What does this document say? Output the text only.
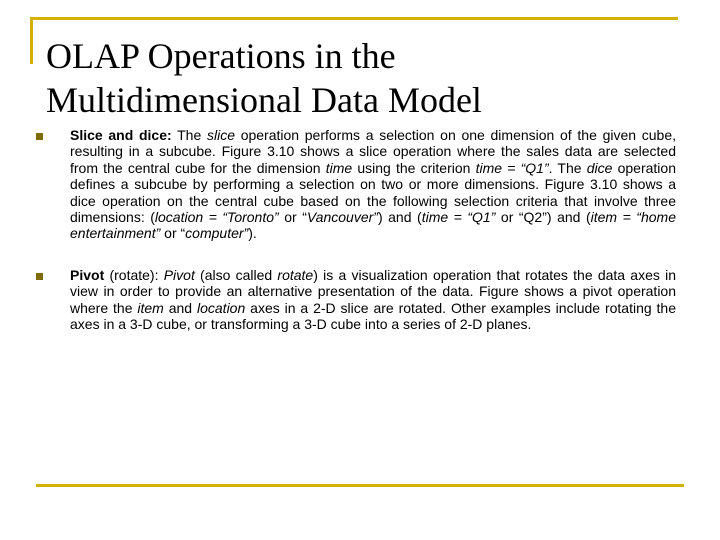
OLAP Operations in the
Multidimensional Data Model
Slice and dice: The slice operation performs a selection on one dimension of the given cube, resulting in a subcube. Figure 3.10 shows a slice operation where the sales data are selected from the central cube for the dimension time using the criterion time = “Q1”. The dice operation defines a subcube by performing a selection on two or more dimensions. Figure 3.10 shows a dice operation on the central cube based on the following selection criteria that involve three dimensions: (location = “Toronto” or “Vancouver”) and (time = “Q1” or “Q2”) and (item = “home entertainment” or “computer”).
Pivot (rotate): Pivot (also called rotate) is a visualization operation that rotates the data axes in view in order to provide an alternative presentation of the data. Figure shows a pivot operation where the item and location axes in a 2-D slice are rotated. Other examples include rotating the axes in a 3-D cube, or transforming a 3-D cube into a series of 2-D planes.
